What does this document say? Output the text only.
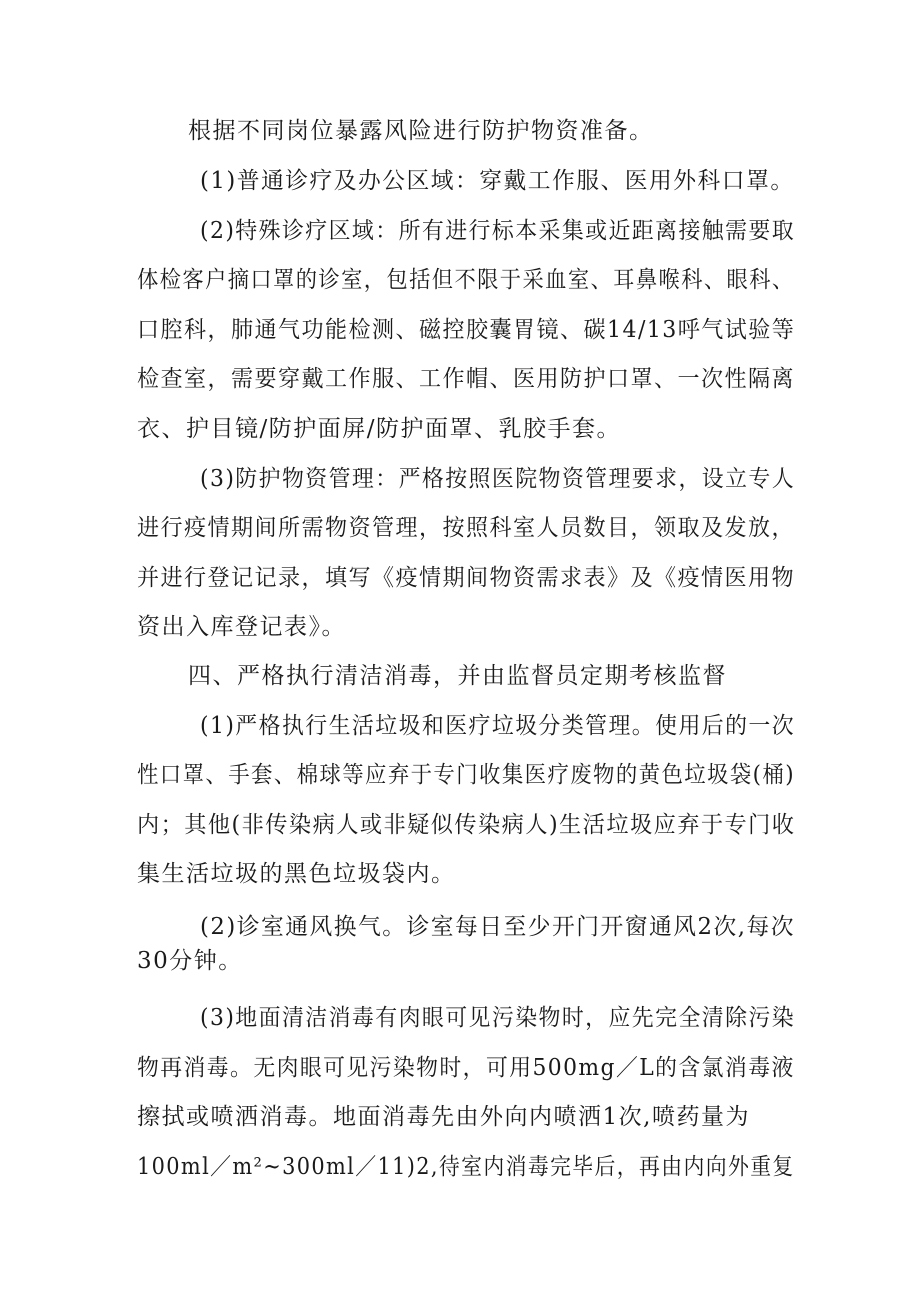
根据不同岗位暴露风险进行防护物资准备。
(1)普通诊疗及办公区域：穿戴工作服、医用外科口罩。
(2)特殊诊疗区域：所有进行标本采集或近距离接触需要取
体检客户摘口罩的诊室，包括但不限于采血室、耳鼻喉科、眼科、
口腔科，肺通气功能检测、磁控胶囊胃镜、碳14/13呼气试验等
检查室，需要穿戴工作服、工作帽、医用防护口罩、一次性隔离
衣、护目镜/防护面屏/防护面罩、乳胶手套。
(3)防护物资管理：严格按照医院物资管理要求，设立专人
进行疫情期间所需物资管理，按照科室人员数目，领取及发放，
并进行登记记录，填写《疫情期间物资需求表》及《疫情医用物
资出入库登记表》。
四、严格执行清洁消毒，并由监督员定期考核监督
(1)严格执行生活垃圾和医疗垃圾分类管理。使用后的一次
性口罩、手套、棉球等应弃于专门收集医疗废物的黄色垃圾袋(桶)
内；其他(非传染病人或非疑似传染病人)生活垃圾应弃于专门收
集生活垃圾的黑色垃圾袋内。
(2)诊室通风换气。诊室每日至少开门开窗通风2次,每次
30分钟。
(3)地面清洁消毒有肉眼可见污染物时，应先完全清除污染
物再消毒。无肉眼可见污染物时，可用500mg／L的含氯消毒液
擦拭或喷洒消毒。地面消毒先由外向内喷洒1次,喷药量为
100ml／m²~300ml／11)2,待室内消毒完毕后，再由内向外重复
